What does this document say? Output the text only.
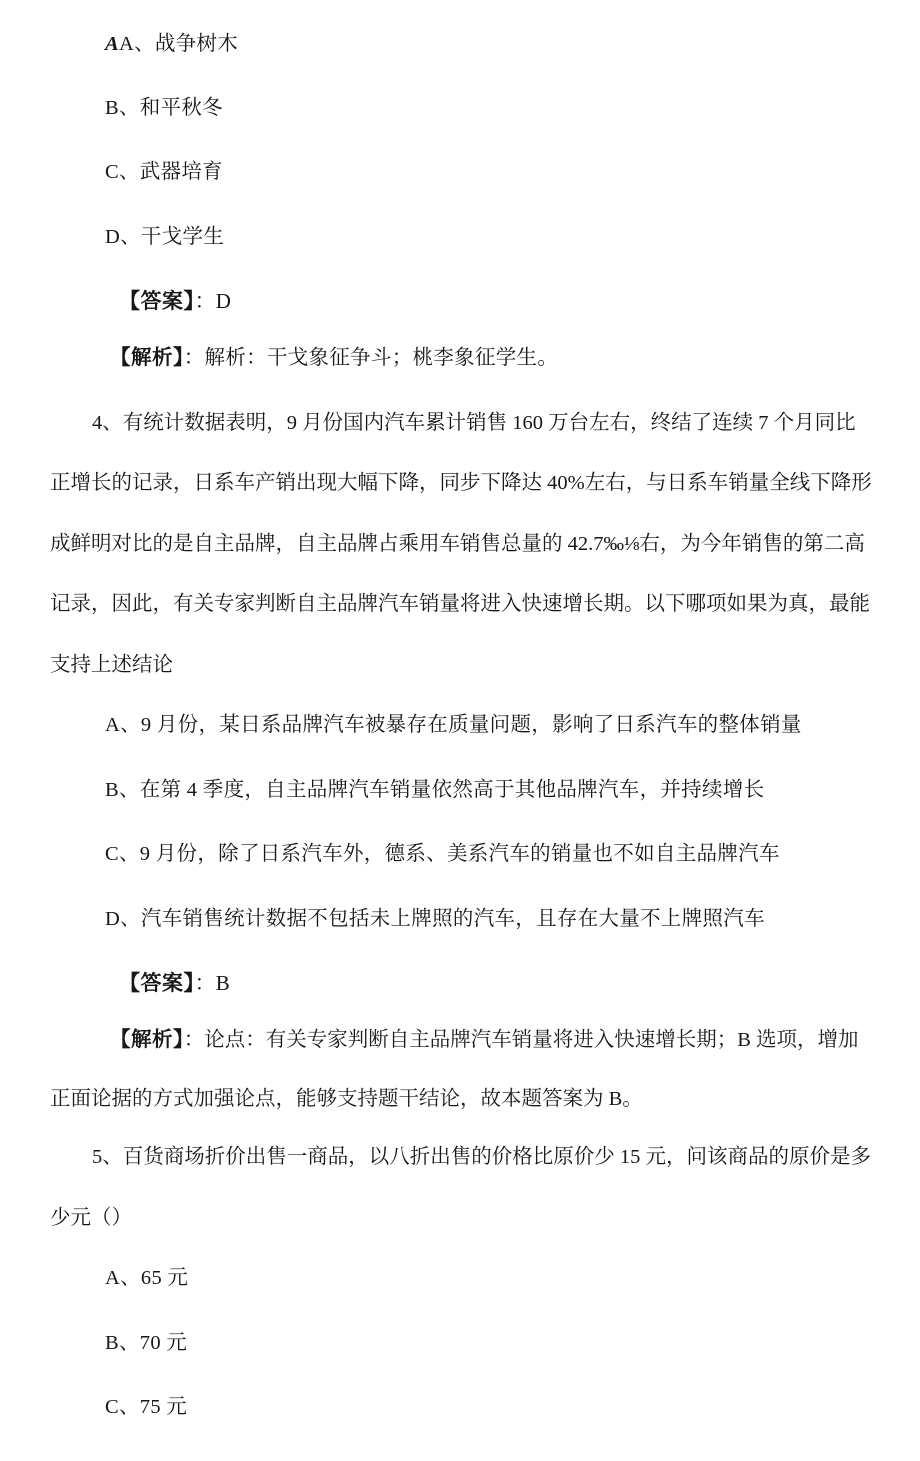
AA、战争树木
B、和平秋冬
C、武器培育
D、干戈学生
【答案】：D
【解析】：解析：干戈象征争斗；桃李象征学生。
4、有统计数据表明，9 月份国内汽车累计销售 160 万台左右，终结了连续 7 个月同比
正增长的记录，日系车产销出现大幅下降，同步下降达 40%左右，与日系车销量全线下降形
成鲜明对比的是自主品牌，自主品牌占乘用车销售总量的 42.7‰⅛右，为今年销售的第二高
记录，因此，有关专家判断自主品牌汽车销量将进入快速增长期。以下哪项如果为真，最能
支持上述结论
A、9 月份，某日系品牌汽车被暴存在质量问题，影响了日系汽车的整体销量
B、在第 4 季度，自主品牌汽车销量依然高于其他品牌汽车，并持续增长
C、9 月份，除了日系汽车外，德系、美系汽车的销量也不如自主品牌汽车
D、汽车销售统计数据不包括未上牌照的汽车，且存在大量不上牌照汽车
【答案】：B
【解析】：论点：有关专家判断自主品牌汽车销量将进入快速增长期；B 选项，增加
正面论据的方式加强论点，能够支持题干结论，故本题答案为 B。
5、百货商场折价出售一商品，以八折出售的价格比原价少 15 元，问该商品的原价是多
少元（）
A、65 元
B、70 元
C、75 元
